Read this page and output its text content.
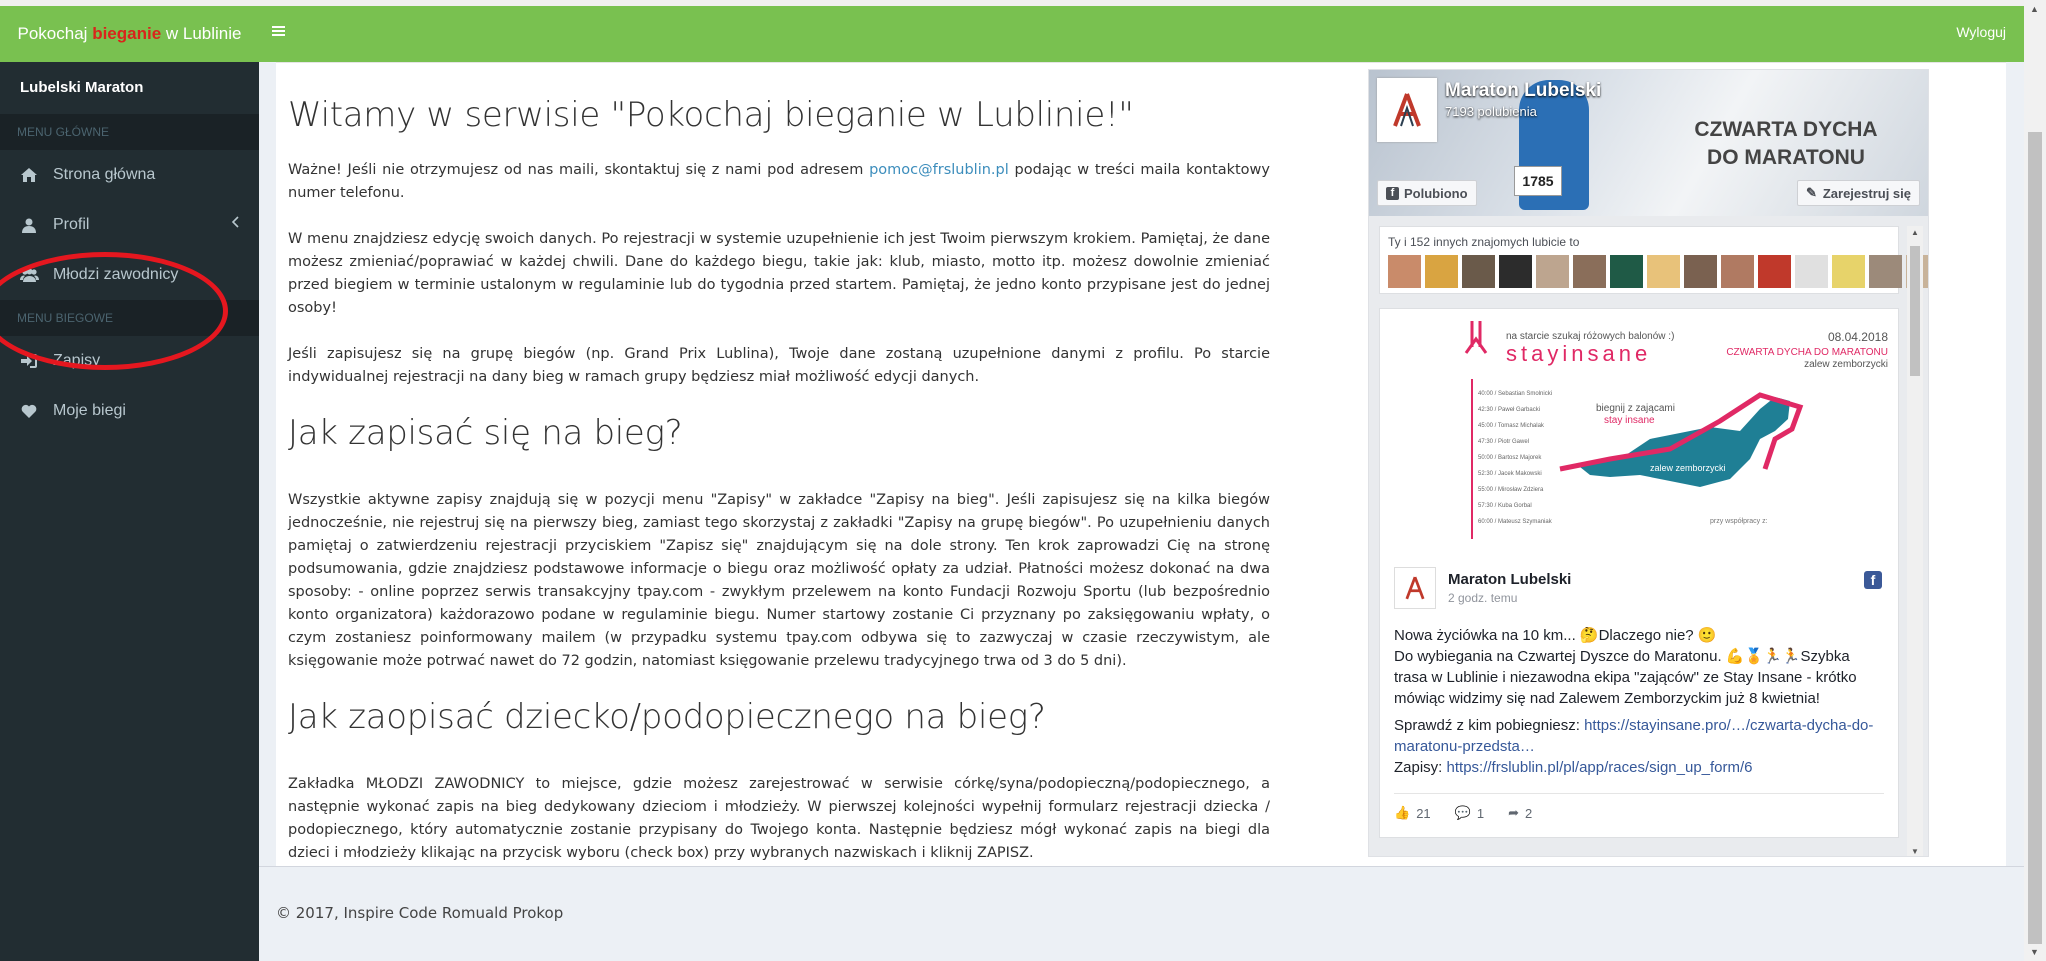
Pokochaj bieganie w Lublinie	Wyloguj
Lubelski Maraton
MENU GŁÓWNE
Strona główna
Profil
Młodzi zawodnicy
MENU BIEGOWE
Zapisy
Moje biegi
Witamy w serwisie "Pokochaj bieganie w Lublinie!"

Ważne! Jeśli nie otrzymujesz od nas maili, skontaktuj się z nami pod adresem pomoc@frslublin.pl podając w treści maila kontaktowy numer telefonu.

W menu znajdziesz edycję swoich danych. Po rejestracji w systemie uzupełnienie ich jest Twoim pierwszym krokiem. Pamiętaj, że dane możesz zmieniać/poprawiać w każdej chwili. Dane do każdego biegu, takie jak: klub, miasto, motto itp. możesz dowolnie zmieniać przed biegiem w terminie ustalonym w regulaminie lub do tygodnia przed startem. Pamiętaj, że jedno konto przypisane jest do jednej osoby!

Jeśli zapisujesz się na grupę biegów (np. Grand Prix Lublina), Twoje dane zostaną uzupełnione danymi z profilu. Po starcie indywidualnej rejestracji na dany bieg w ramach grupy będziesz miał możliwość edycji danych.

Jak zapisać się na bieg?

Wszystkie aktywne zapisy znajdują się w pozycji menu "Zapisy" w zakładce "Zapisy na bieg". Jeśli zapisujesz się na kilka biegów jednocześnie, nie rejestruj się na pierwszy bieg, zamiast tego skorzystaj z zakładki "Zapisy na grupę biegów". Po uzupełnieniu danych pamiętaj o zatwierdzeniu rejestracji przyciskiem "Zapisz się" znajdującym się na dole strony. Ten krok zaprowadzi Cię na stronę podsumowania, gdzie znajdziesz podstawowe informacje o biegu oraz możliwość opłaty za udział. Płatności możesz dokonać na dwa sposoby: - online poprzez serwis transakcyjny tpay.com - zwykłym przelewem na konto Fundacji Rozwoju Sportu (lub bezpośrednio konto organizatora) każdorazowo podane w regulaminie biegu. Numer startowy zostanie Ci przyznany po zaksięgowaniu wpłaty, o czym zostaniesz poinformowany mailem (w przypadku systemu tpay.com odbywa się to zazwyczaj w czasie rzeczywistym, ale księgowanie może potrwać nawet do 72 godzin, natomiast księgowanie przelewu tradycyjnego trwa od 3 do 5 dni).

Jak zaopisać dziecko/podopiecznego na bieg?

Zakładka MŁODZI ZAWODNICY to miejsce, gdzie możesz zarejestrować w serwisie córkę/syna/podopieczną/podopiecznego, a następnie wykonać zapis na bieg dedykowany dzieciom i młodzieży. W pierwszej kolejności wypełnij formularz rejestracji dziecka / podopiecznego, który automatycznie zostanie przypisany do Twojego konta. Następnie będziesz mógł wykonać zapis na biegi dla dzieci i młodzieży klikając na przycisk wyboru (check box) przy wybranych nazwiskach i kliknij ZAPISZ.

1785
CZWARTA DYCHA
DO MARATONU
Maraton Lubelski
7193 polubienia
f Polubiono	✎ Zarejestruj się
Ty i 152 innych znajomych lubicie to
na starcie szukaj różowych balonów :)
stayinsane
08.04.2018
CZWARTA DYCHA DO MARATONU
zalew zemborzycki
40:00 / Sebastian Smolnicki
42:30 / Paweł Garbacki
45:00 / Tomasz Michalak
47:30 / Piotr Gawel
50:00 / Bartosz Majorek
52:30 / Jacek Makowski
55:00 / Mirosław Zdziera
57:30 / Kuba Gorbal
60:00 / Mateusz Szymaniak
biegnij z zającami
stay insane
zalew zemborzycki
przy współpracy z:
Maraton Lubelski
2 godz. temu
f
Nowa życiówka na 10 km... 🤔Dlaczego nie? 🙂
Do wybiegania na Czwartej Dyszce do Maratonu. 💪🏅🏃🏃Szybka trasa w Lublinie i niezawodna ekipa "zająców" ze Stay Insane - krótko mówiąc widzimy się nad Zalewem Zemborzyckim już 8 kwietnia!
Sprawdź z kim pobiegniesz: https://stayinsane.pro/…/czwarta-dycha-do-maratonu-przedsta…
Zapisy: https://frslublin.pl/pl/app/races/sign_up_form/6
👍 21 💬 1 ➦ 2
▲
▼
© 2017, Inspire Code Romuald Prokop
▲
▼
